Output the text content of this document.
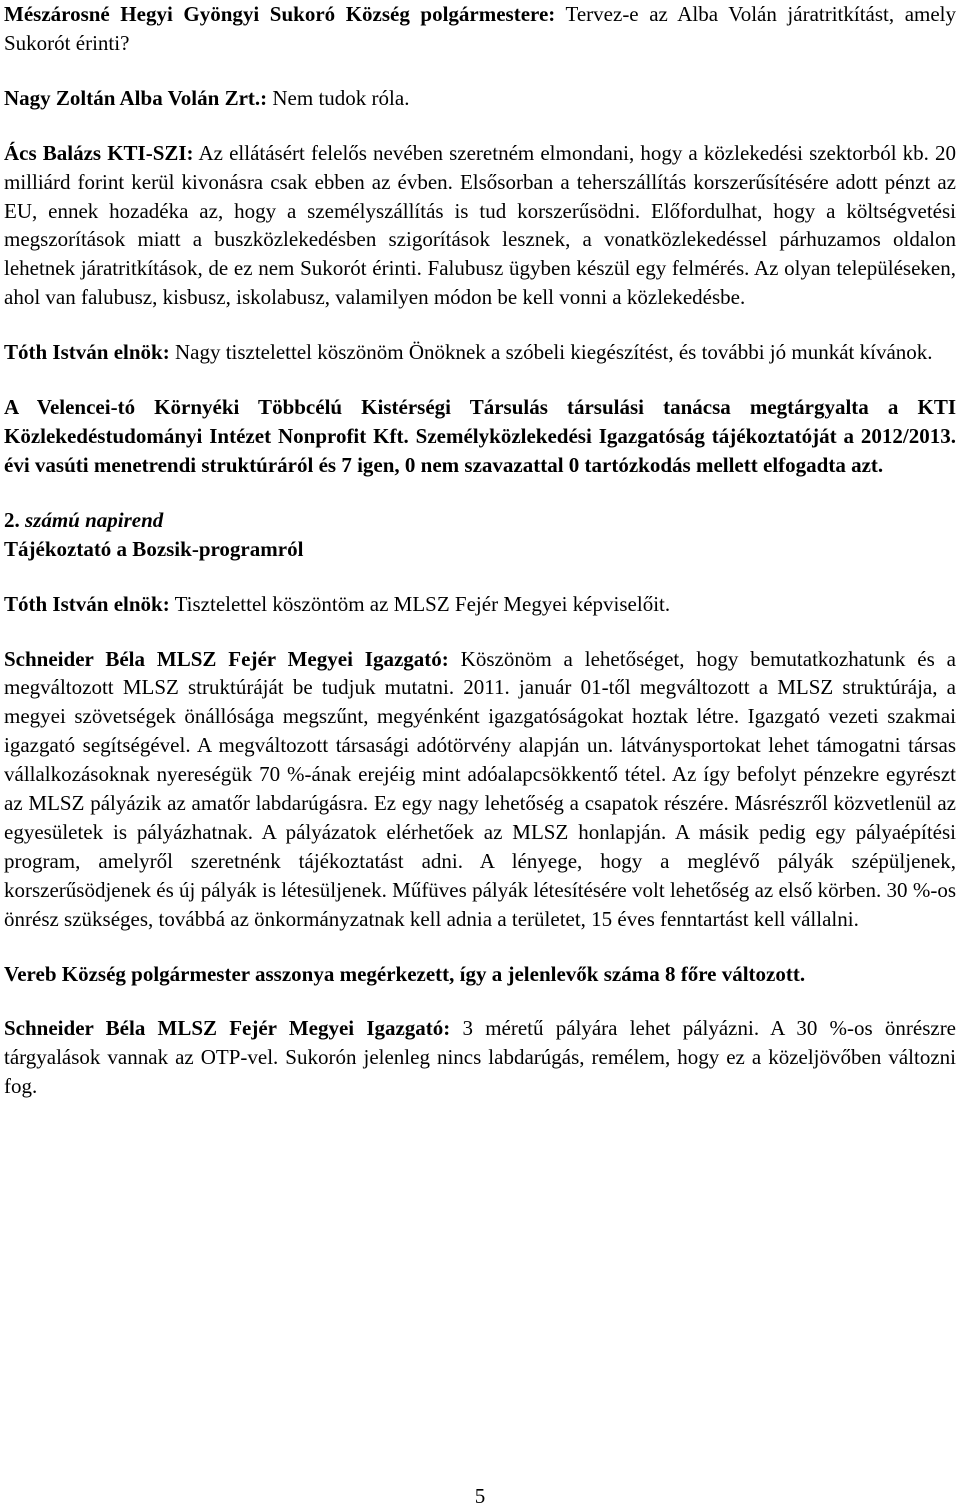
Mészárosné Hegyi Gyöngyi Sukoró Község polgármestere: Tervez-e az Alba Volán járatritkítást, amely Sukorót érinti?

Nagy Zoltán Alba Volán Zrt.: Nem tudok róla.

Ács Balázs KTI-SZI: Az ellátásért felelős nevében szeretném elmondani, hogy a közlekedési szektorból kb. 20 milliárd forint kerül kivonásra csak ebben az évben. Elsősorban a teherszállítás korszerűsítésére adott pénzt az EU, ennek hozadéka az, hogy a személyszállítás is tud korszerűsödni. Előfordulhat, hogy a költségvetési megszorítások miatt a buszközlekedésben szigorítások lesznek, a vonatközlekedéssel párhuzamos oldalon lehetnek járatritkítások, de ez nem Sukorót érinti. Falubusz ügyben készül egy felmérés. Az olyan településeken, ahol van falubusz, kisbusz, iskolabusz, valamilyen módon be kell vonni a közlekedésbe.

Tóth István elnök: Nagy tisztelettel köszönöm Önöknek a szóbeli kiegészítést, és további jó munkát kívánok.

A Velencei-tó Környéki Többcélú Kistérségi Társulás társulási tanácsa megtárgyalta a KTI Közlekedéstudományi Intézet Nonprofit Kft. Személyközlekedési Igazgatóság tájékoztatóját a 2012/2013. évi vasúti menetrendi struktúráról és 7 igen, 0 nem szavazattal 0 tartózkodás mellett elfogadta azt.

2. számú napirend

Tájékoztató a Bozsik-programról

Tóth István elnök: Tisztelettel köszöntöm az MLSZ Fejér Megyei képviselőit.

Schneider Béla MLSZ Fejér Megyei Igazgató: Köszönöm a lehetőséget, hogy bemutatkozhatunk és a megváltozott MLSZ struktúráját be tudjuk mutatni. 2011. január 01-től megváltozott a MLSZ struktúrája, a megyei szövetségek önállósága megszűnt, megyénként igazgatóságokat hoztak létre. Igazgató vezeti szakmai igazgató segítségével. A megváltozott társasági adótörvény alapján un. látványsportokat lehet támogatni társas vállalkozásoknak nyereségük 70 %-ának erejéig mint adóalapcsökkentő tétel. Az így befolyt pénzekre egyrészt az MLSZ pályázik az amatőr labdarúgásra. Ez egy nagy lehetőség a csapatok részére. Másrészről közvetlenül az egyesületek is pályázhatnak. A pályázatok elérhetőek az MLSZ honlapján. A másik pedig egy pályaépítési program, amelyről szeretnénk tájékoztatást adni. A lényege, hogy a meglévő pályák szépüljenek, korszerűsödjenek és új pályák is létesüljenek. Műfüves pályák létesítésére volt lehetőség az első körben. 30 %-os önrész szükséges, továbbá az önkormányzatnak kell adnia a területet, 15 éves fenntartást kell vállalni.

Vereb Község polgármester asszonya megérkezett, így a jelenlevők száma 8 főre változott.

Schneider Béla MLSZ Fejér Megyei Igazgató: 3 méretű pályára lehet pályázni. A 30 %-os önrészre tárgyalások vannak az OTP-vel. Sukorón jelenleg nincs labdarúgás, remélem, hogy ez a közeljövőben változni fog.

5
